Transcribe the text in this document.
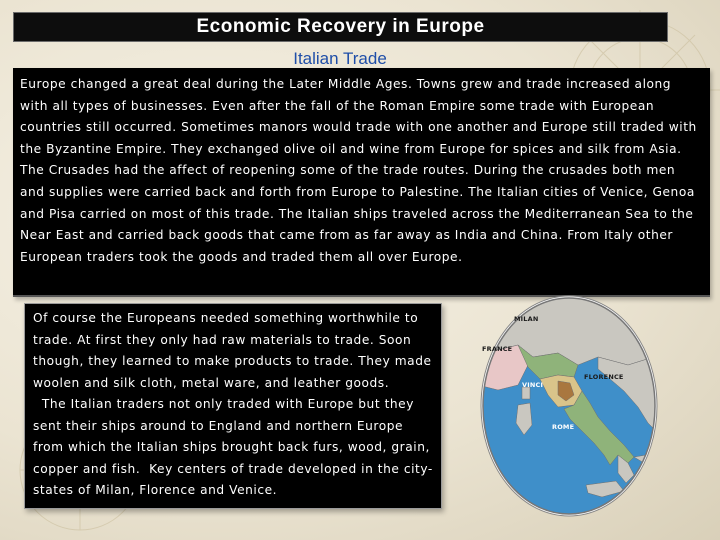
Economic Recovery in Europe
Italian Trade

Europe changed a great deal during the Later Middle Ages. Towns grew and trade increased along with all types of businesses. Even after the fall of the Roman Empire some trade with European countries still occurred. Sometimes manors would trade with one another and Europe still traded with the Byzantine Empire. They exchanged olive oil and wine from Europe for spices and silk from Asia.

The Crusades had the affect of reopening some of the trade routes. During the crusades both men and supplies were carried back and forth from Europe to Palestine. The Italian cities of Venice, Genoa and Pisa carried on most of this trade. The Italian ships traveled across the Mediterranean Sea to the Near East and carried back goods that came from as far away as India and China. From Italy other European traders took the goods and traded them all over Europe.

Of course the Europeans needed something worthwhile to trade. At first they only had raw materials to trade. Soon though, they learned to make products to trade. They made woolen and silk cloth, metal ware, and leather goods.

The Italian traders not only traded with Europe but they sent their ships around to England and northern Europe from which the Italian ships brought back furs, wood, grain, copper and fish.  Key centers of trade developed in the city-states of Milan, Florence and Venice.

MILAN
FRANCE
VINCI
FLORENCE
ROME
